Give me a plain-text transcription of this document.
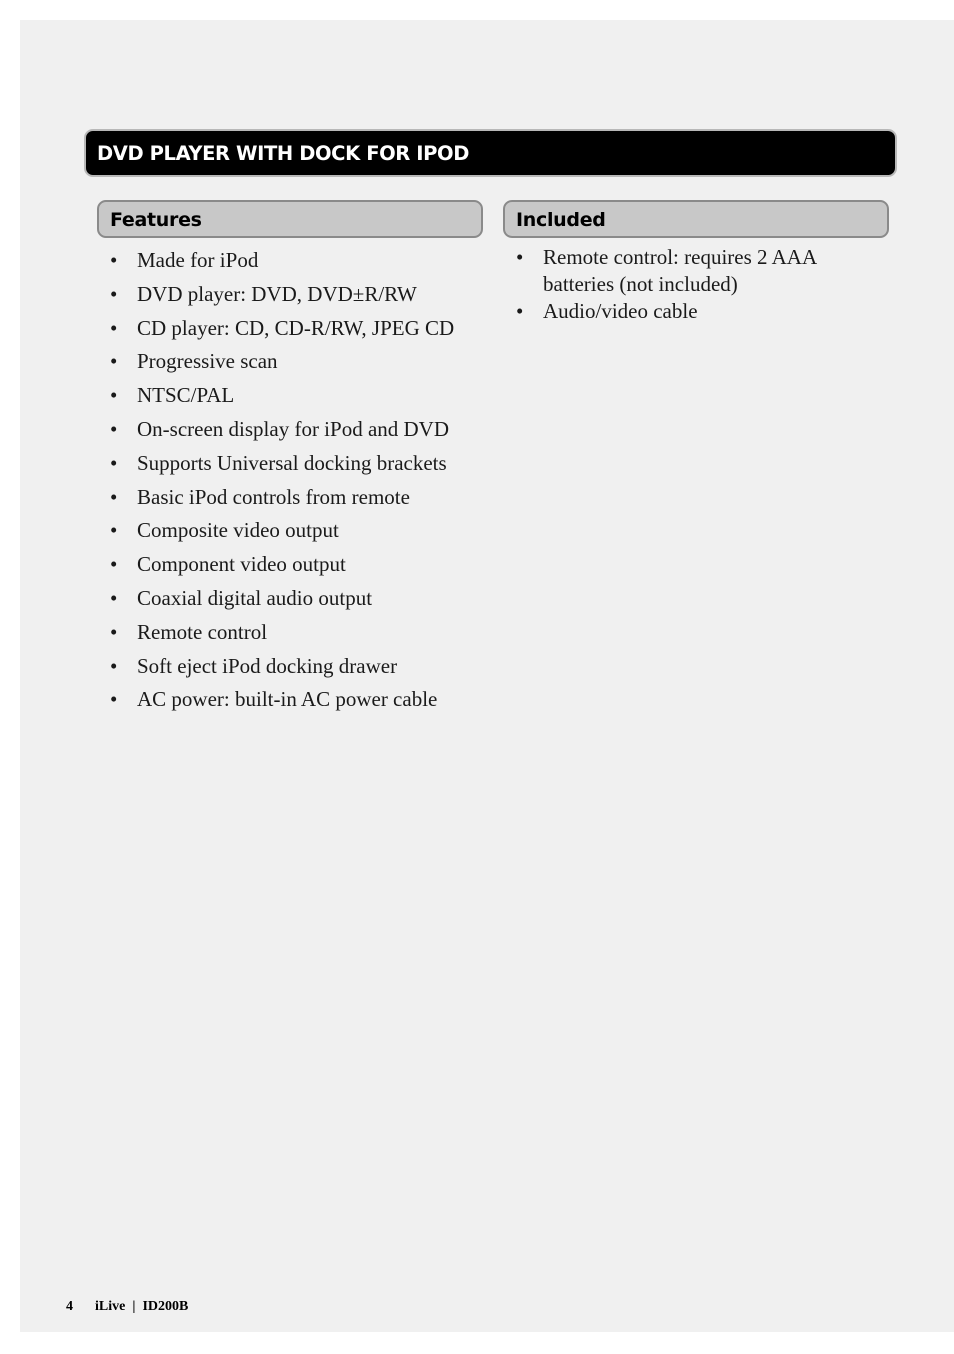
DVD PLAYER WITH DOCK FOR IPOD
Features	Included
• Made for iPod
• DVD player: DVD, DVD±R/RW
• CD player: CD, CD-R/RW, JPEG CD
• Progressive scan
• NTSC/PAL
• On-screen display for iPod and DVD
• Supports Universal docking brackets
• Basic iPod controls from remote
• Composite video output
• Component video output
• Coaxial digital audio output
• Remote control
• Soft eject iPod docking drawer
• AC power: built-in AC power cable
• Remote control: requires 2 AAA batteries (not included)
• Audio/video cable
4 iLive | ID200B
